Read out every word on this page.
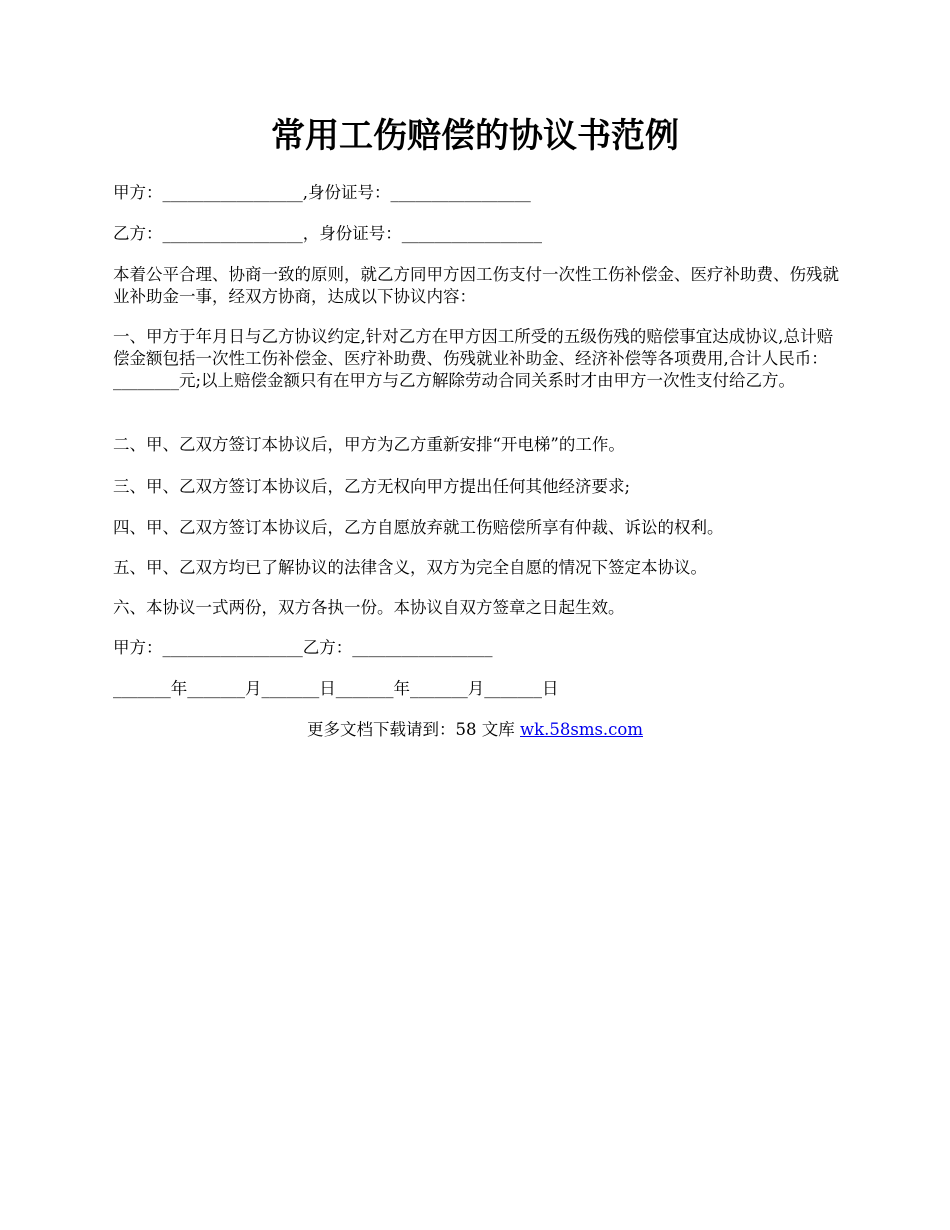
常用工伤赔偿的协议书范例

甲方：_________________,身份证号：_________________

乙方：_________________，身份证号：_________________

本着公平合理、协商一致的原则，就乙方同甲方因工伤支付一次性工伤补偿金、医疗补助费、伤残就业补助金一事，经双方协商，达成以下协议内容：

一、甲方于年月日与乙方协议约定,针对乙方在甲方因工所受的五级伤残的赔偿事宜达成协议,总计赔偿金额包括一次性工伤补偿金、医疗补助费、伤残就业补助金、经济补偿等各项费用,合计人民币：________元;以上赔偿金额只有在甲方与乙方解除劳动合同关系时才由甲方一次性支付给乙方。

二、甲、乙双方签订本协议后，甲方为乙方重新安排“开电梯”的工作。

三、甲、乙双方签订本协议后，乙方无权向甲方提出任何其他经济要求;

四、甲、乙双方签订本协议后，乙方自愿放弃就工伤赔偿所享有仲裁、诉讼的权利。

五、甲、乙双方均已了解协议的法律含义，双方为完全自愿的情况下签定本协议。

六、本协议一式两份，双方各执一份。本协议自双方签章之日起生效。

甲方：_________________乙方：_________________

_______年_______月_______日_______年_______月_______日

更多文档下载请到：58 文库 wk.58sms.com
